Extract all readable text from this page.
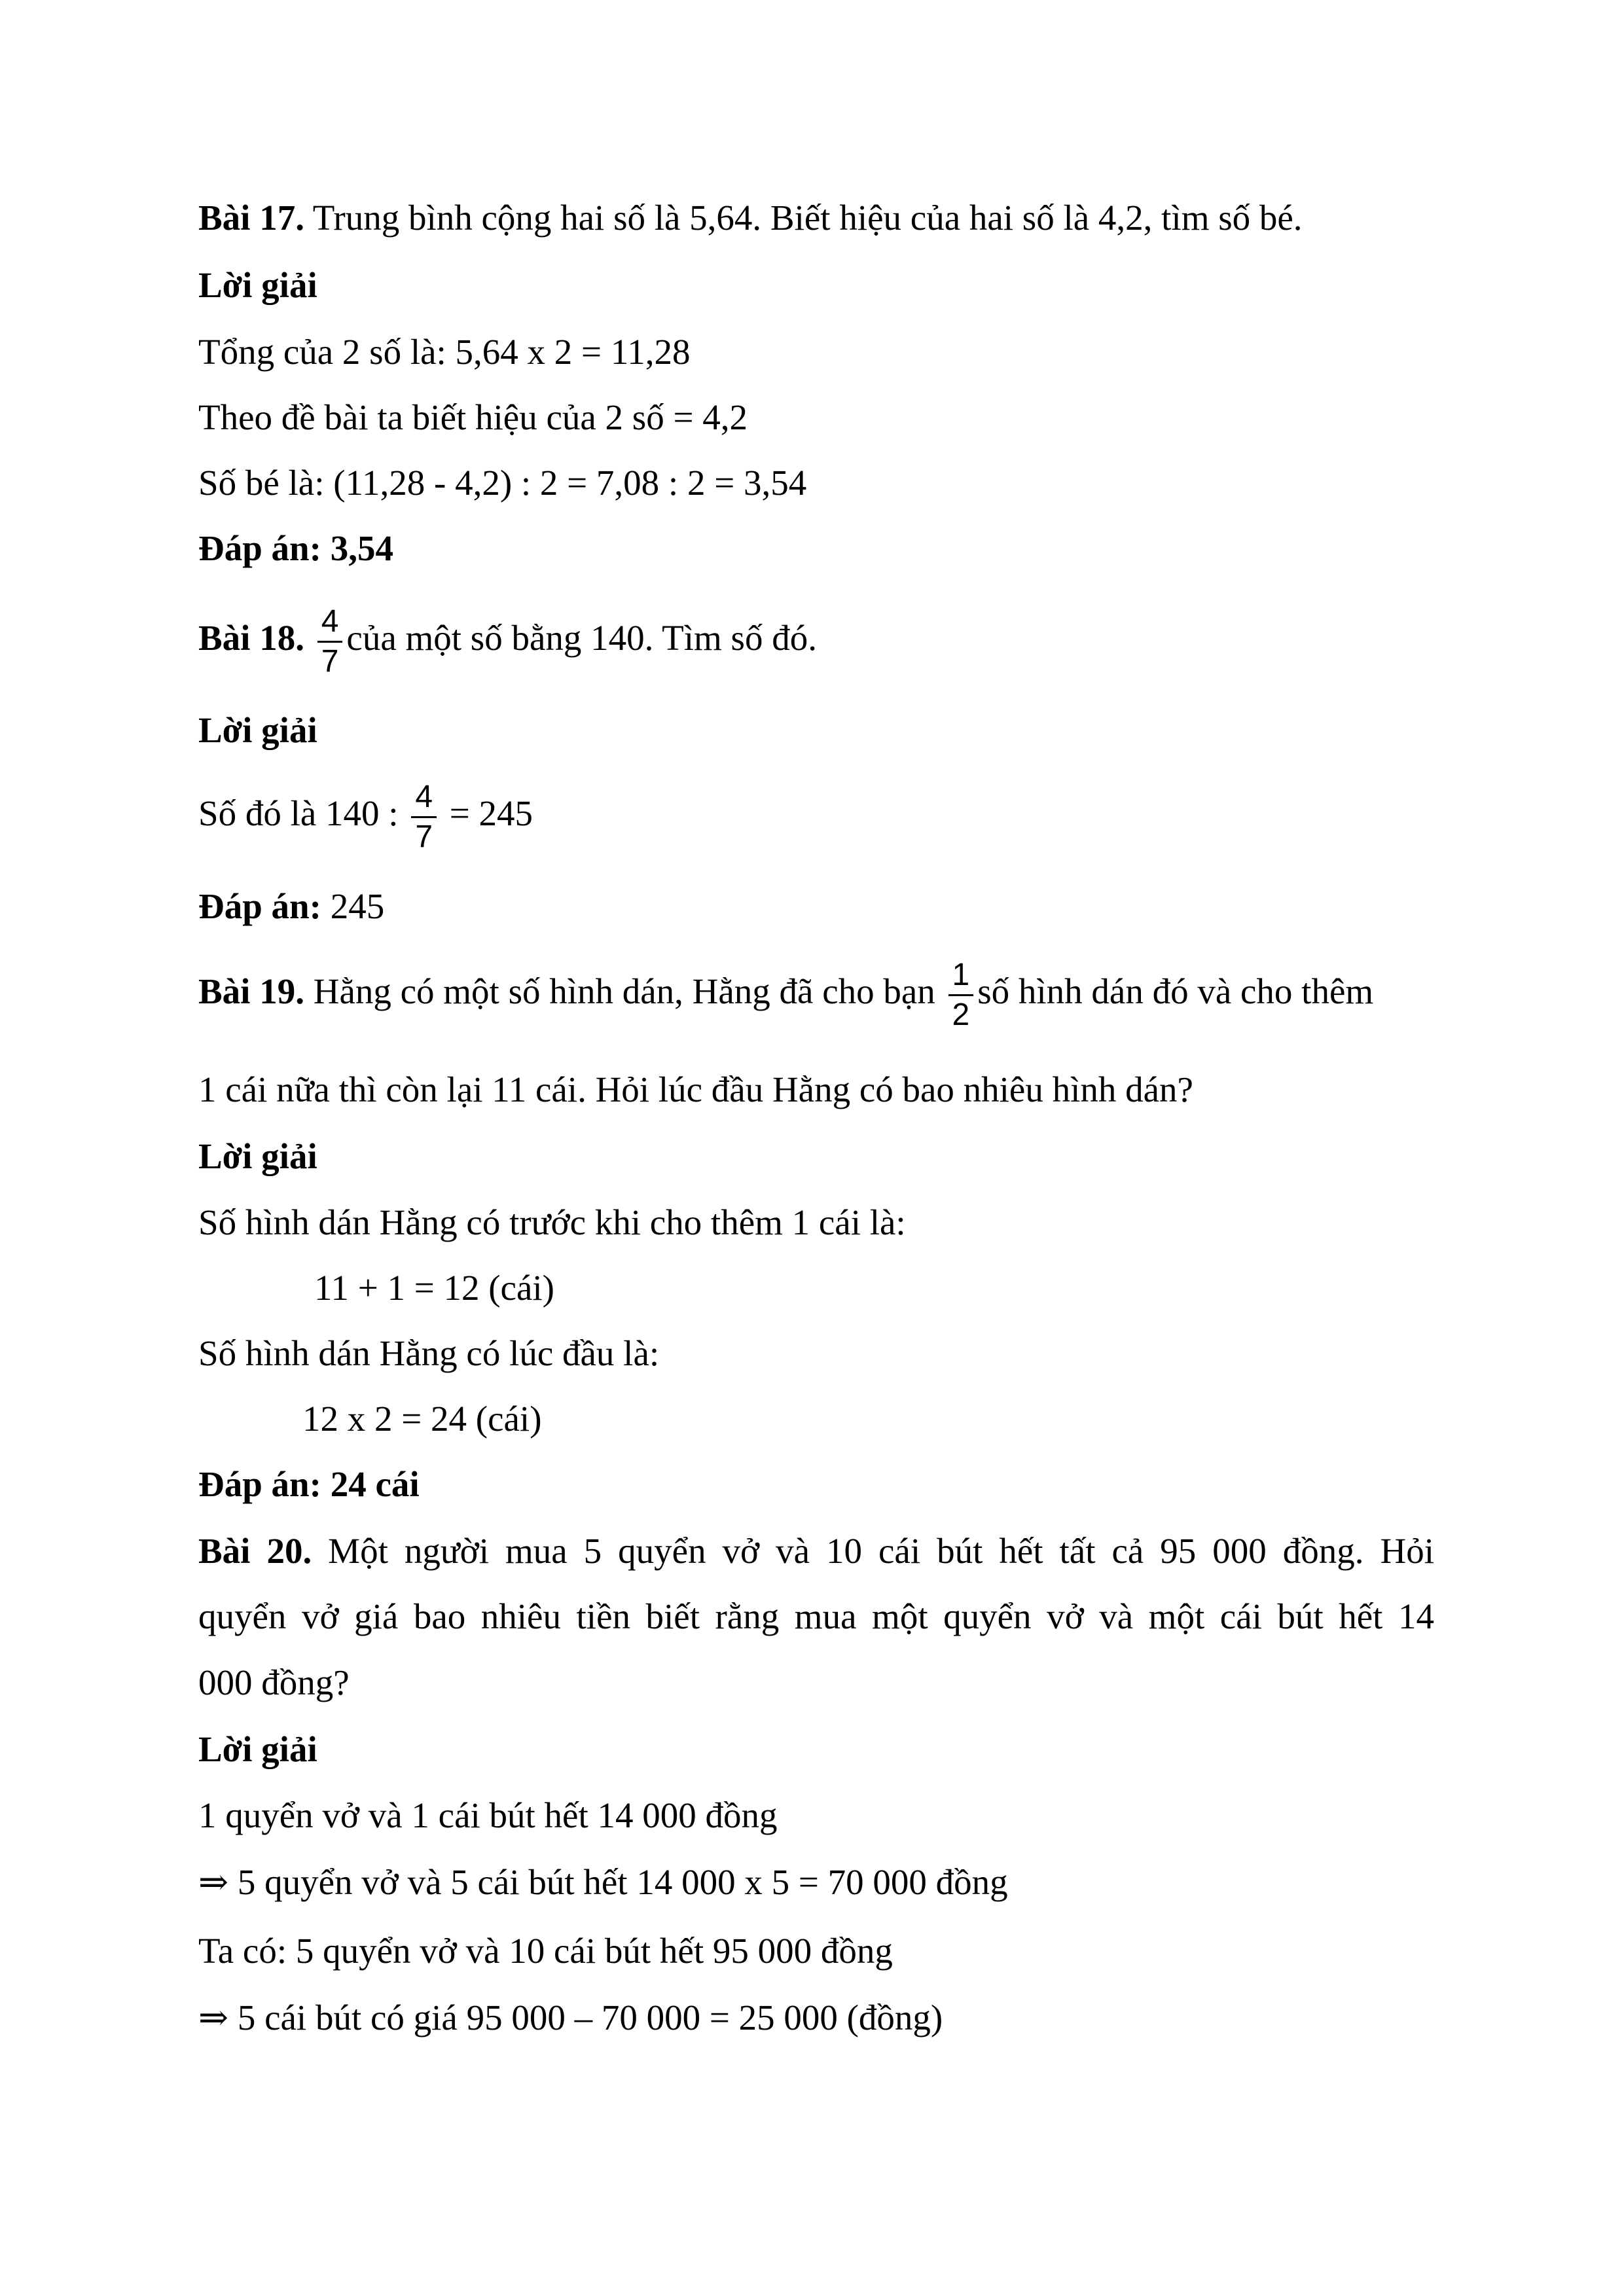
Bài 17. Trung bình cộng hai số là 5,64. Biết hiệu của hai số là 4,2, tìm số bé.
Lời giải
Tổng của 2 số là: 5,64 x 2 = 11,28
Theo đề bài ta biết hiệu của 2 số = 4,2
Số bé là: (11,28 - 4,2) : 2 = 7,08 : 2 = 3,54
Đáp án: 3,54
Bài 18. $\frac{4}{7}$ của một số bằng 140. Tìm số đó.
Lời giải
Số đó là 140 : $\frac{4}{7} = 245$
Đáp án: 245
Bài 19. Hằng có một số hình dán, Hằng đã cho bạn $\frac{1}{2}$ số hình dán đó và cho thêm
1 cái nữa thì còn lại 11 cái. Hỏi lúc đầu Hằng có bao nhiêu hình dán?
Lời giải
Số hình dán Hằng có trước khi cho thêm 1 cái là:
11 + 1 = 12 (cái)
Số hình dán Hằng có lúc đầu là:
12 x 2 = 24 (cái)
Đáp án: 24 cái
Bài 20. Một người mua 5 quyển vở và 10 cái bút hết tất cả 95 000 đồng. Hỏi
quyển vở giá bao nhiêu tiền biết rằng mua một quyển vở và một cái bút hết 14
000 đồng?
Lời giải
1 quyển vở và 1 cái bút hết 14 000 đồng
⇒ 5 quyển vở và 5 cái bút hết 14 000 x 5 = 70 000 đồng
Ta có: 5 quyển vở và 10 cái bút hết 95 000 đồng
⇒ 5 cái bút có giá 95 000 – 70 000 = 25 000 (đồng)
